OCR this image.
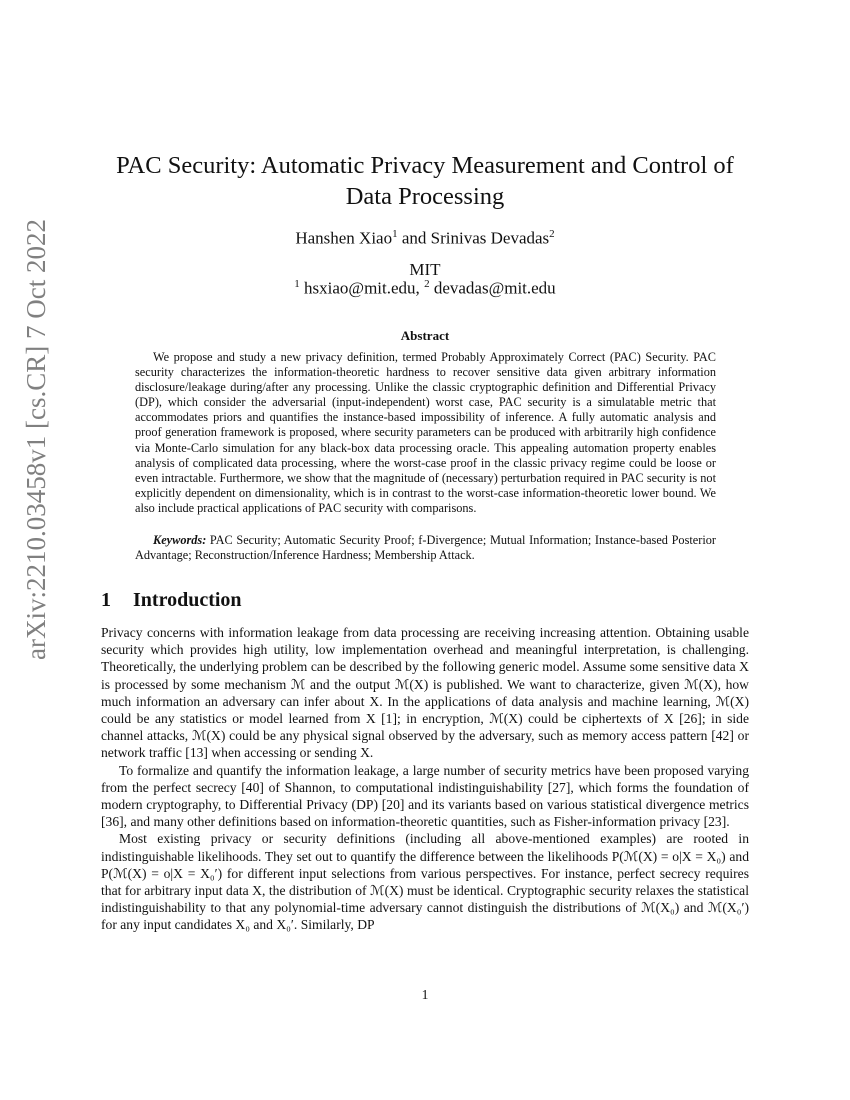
arXiv:2210.03458v1 [cs.CR] 7 Oct 2022
PAC Security: Automatic Privacy Measurement and Control of Data Processing
Hanshen Xiao$^1$ and Srinivas Devadas$^2$
MIT
$^1$ hsxiao@mit.edu, $^2$ devadas@mit.edu
Abstract

We propose and study a new privacy definition, termed Probably Approximately Correct (PAC) Security. PAC security characterizes the information-theoretic hardness to recover sensitive data given arbitrary information disclosure/leakage during/after any processing. Unlike the classic cryptographic definition and Differential Privacy (DP), which consider the adversarial (input-independent) worst case, PAC security is a simulatable metric that accommodates priors and quantifies the instance-based impossibility of inference. A fully automatic analysis and proof generation framework is proposed, where security parameters can be produced with arbitrarily high confidence via Monte-Carlo simulation for any black-box data processing oracle. This appealing automation property enables analysis of complicated data processing, where the worst-case proof in the classic privacy regime could be loose or even intractable. Furthermore, we show that the magnitude of (necessary) perturbation required in PAC security is not explicitly dependent on dimensionality, which is in contrast to the worst-case information-theoretic lower bound. We also include practical applications of PAC security with comparisons.

Keywords: PAC Security; Automatic Security Proof; f-Divergence; Mutual Information; Instance-based Posterior Advantage; Reconstruction/Inference Hardness; Membership Attack.

1 Introduction

Privacy concerns with information leakage from data processing are receiving increasing attention. Obtaining usable security which provides high utility, low implementation overhead and meaningful interpretation, is challenging. Theoretically, the underlying problem can be described by the following generic model. Assume some sensitive data X is processed by some mechanism ℳ and the output ℳ(X) is published. We want to characterize, given ℳ(X), how much information an adversary can infer about X. In the applications of data analysis and machine learning, ℳ(X) could be any statistics or model learned from X [1]; in encryption, ℳ(X) could be ciphertexts of X [26]; in side channel attacks, ℳ(X) could be any physical signal observed by the adversary, such as memory access pattern [42] or network traffic [13] when accessing or sending X.

To formalize and quantify the information leakage, a large number of security metrics have been proposed varying from the perfect secrecy [40] of Shannon, to computational indistinguishability [27], which forms the foundation of modern cryptography, to Differential Privacy (DP) [20] and its variants based on various statistical divergence metrics [36], and many other definitions based on information-theoretic quantities, such as Fisher-information privacy [23].

Most existing privacy or security definitions (including all above-mentioned examples) are rooted in indistinguishable likelihoods. They set out to quantify the difference between the likelihoods P(ℳ(X) = o|X = X₀) and P(ℳ(X) = o|X = X₀′) for different input selections from various perspectives. For instance, perfect secrecy requires that for arbitrary input data X, the distribution of ℳ(X) must be identical. Cryptographic security relaxes the statistical indistinguishability to that any polynomial-time adversary cannot distinguish the distributions of ℳ(X₀) and ℳ(X₀′) for any input candidates X₀ and X₀′. Similarly, DP

1
